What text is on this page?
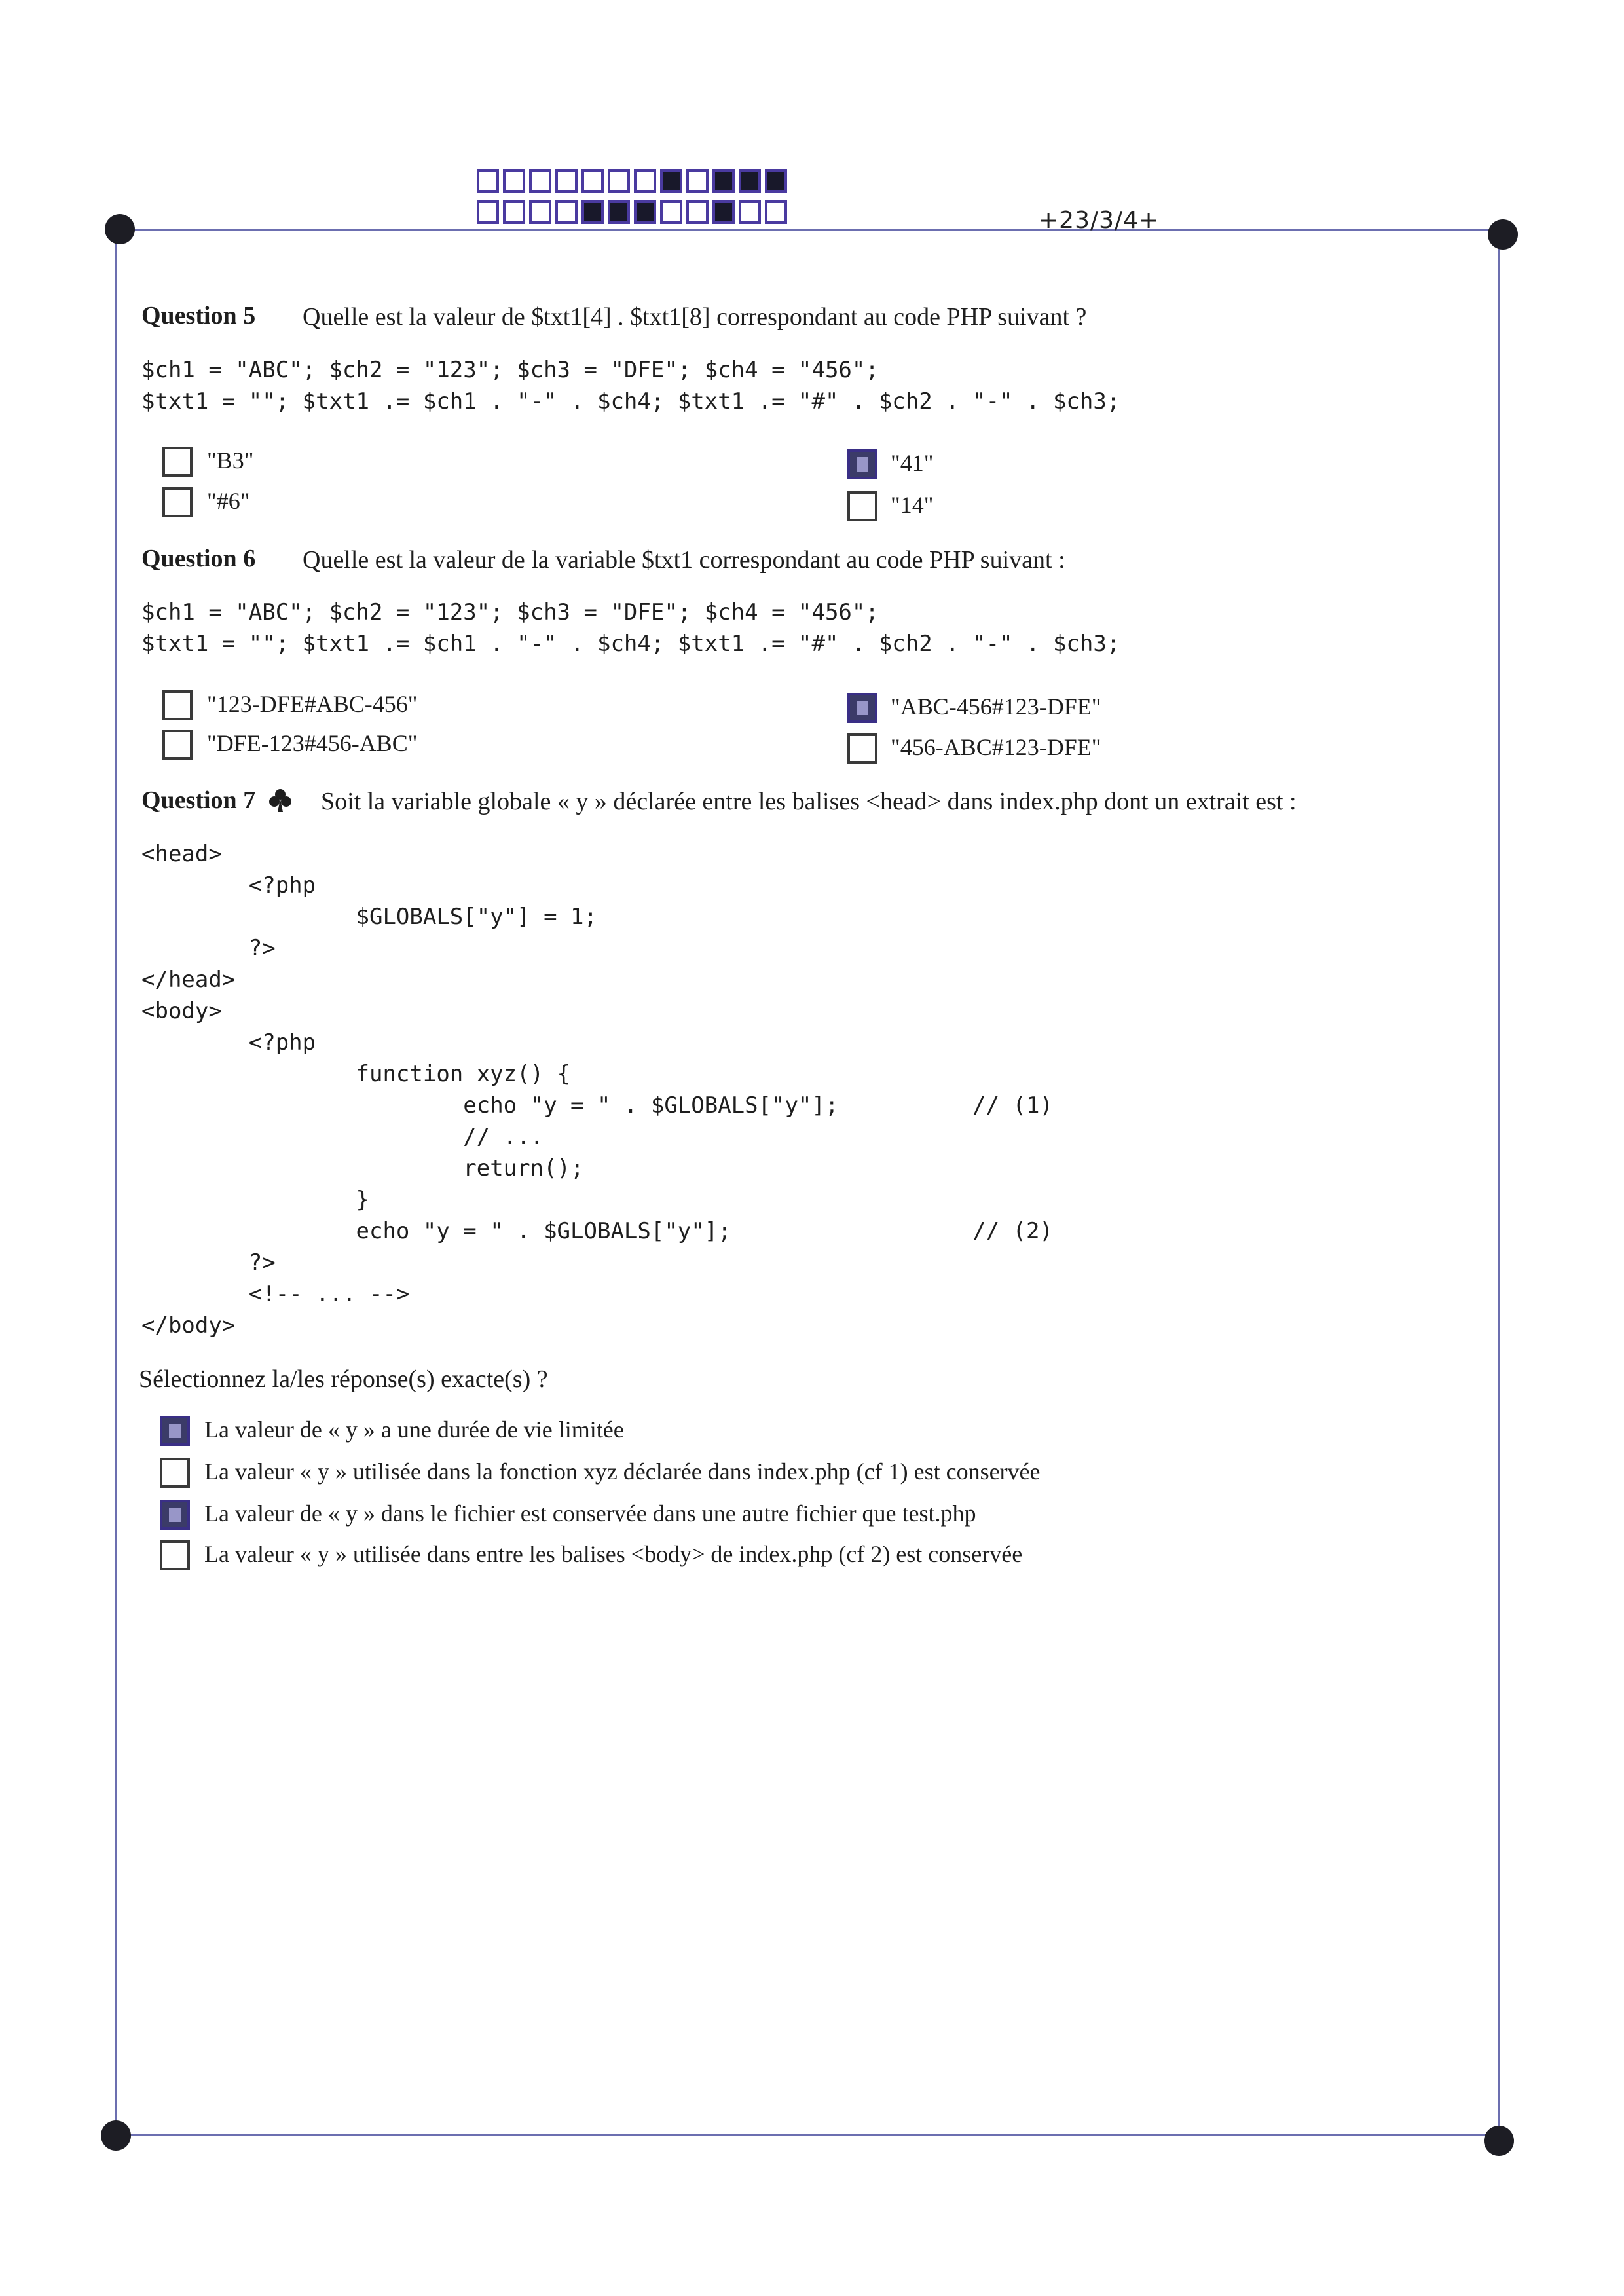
+23/3/4+
Question 5 Quelle est la valeur de $txt1[4] . $txt1[8] correspondant au code PHP suivant ?
$ch1 = "ABC"; $ch2 = "123"; $ch3 = "DFE"; $ch4 = "456";
$txt1 = ""; $txt1 .= $ch1 . "-" . $ch4; $txt1 .= "#" . $ch2 . "-" . $ch3;
"B3"	"41"
"#6"	"14"
Question 6 Quelle est la valeur de la variable $txt1 correspondant au code PHP suivant :
$ch1 = "ABC"; $ch2 = "123"; $ch3 = "DFE"; $ch4 = "456";
$txt1 = ""; $txt1 .= $ch1 . "-" . $ch4; $txt1 .= "#" . $ch2 . "-" . $ch3;
"123-DFE#ABC-456"	"ABC-456#123-DFE"
"DFE-123#456-ABC"	"456-ABC#123-DFE"
Question 7	Soit la variable globale « y » déclarée entre les balises <head> dans index.php dont un extrait est :
<head>
<?php
$GLOBALS["y"] = 1;
?>
</head>
<body>
<?php
function xyz() {
echo "y = " . $GLOBALS["y"];          // (1)
// ...
return();
}
echo "y = " . $GLOBALS["y"];                  // (2)
?>
<!-- ... -->
</body>
Sélectionnez la/les réponse(s) exacte(s) ?
La valeur de « y » a une durée de vie limitée
La valeur « y » utilisée dans la fonction xyz déclarée dans index.php (cf 1) est conservée
La valeur de « y » dans le fichier est conservée dans une autre fichier que test.php
La valeur « y » utilisée dans entre les balises <body> de index.php (cf 2) est conservée
